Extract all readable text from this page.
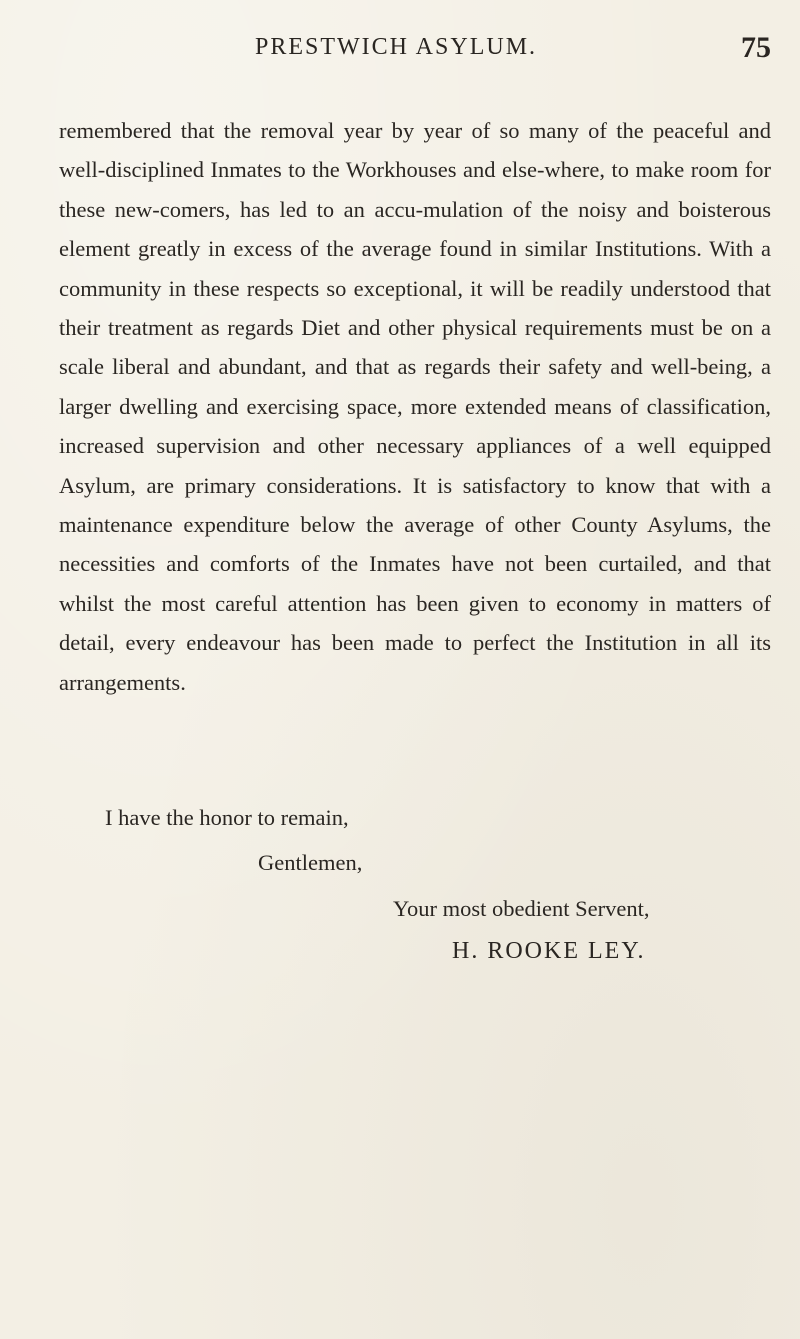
PRESTWICH ASYLUM.	75

remembered that the removal year by year of so many of the peaceful and well-disciplined Inmates to the Workhouses and else-where, to make room for these new-comers, has led to an accu-mulation of the noisy and boisterous element greatly in excess of the average found in similar Institutions. With a community in these respects so exceptional, it will be readily understood that their treatment as regards Diet and other physical requirements must be on a scale liberal and abundant, and that as regards their safety and well-being, a larger dwelling and exercising space, more extended means of classification, increased supervision and other necessary appliances of a well equipped Asylum, are primary considerations. It is satisfactory to know that with a maintenance expenditure below the average of other County Asylums, the necessities and comforts of the Inmates have not been curtailed, and that whilst the most careful attention has been given to economy in matters of detail, every endeavour has been made to perfect the Institution in all its arrangements.

I have the honor to remain,

Gentlemen,

Your most obedient Servent,

H. ROOKE LEY.
